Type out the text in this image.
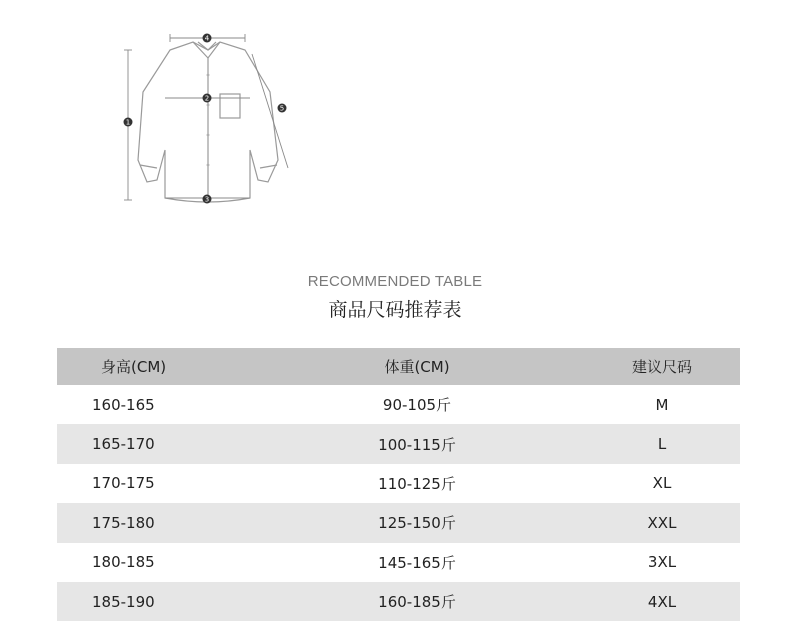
4
2
1
3
5
RECOMMENDED TABLE
商品尺码推荐表
身高(CM)	体重(CM)	建议尺码
160-165	90-105斤	M
165-170	100-115斤	L
170-175	110-125斤	XL
175-180	125-150斤	XXL
180-185	145-165斤	3XL
185-190	160-185斤	4XL
